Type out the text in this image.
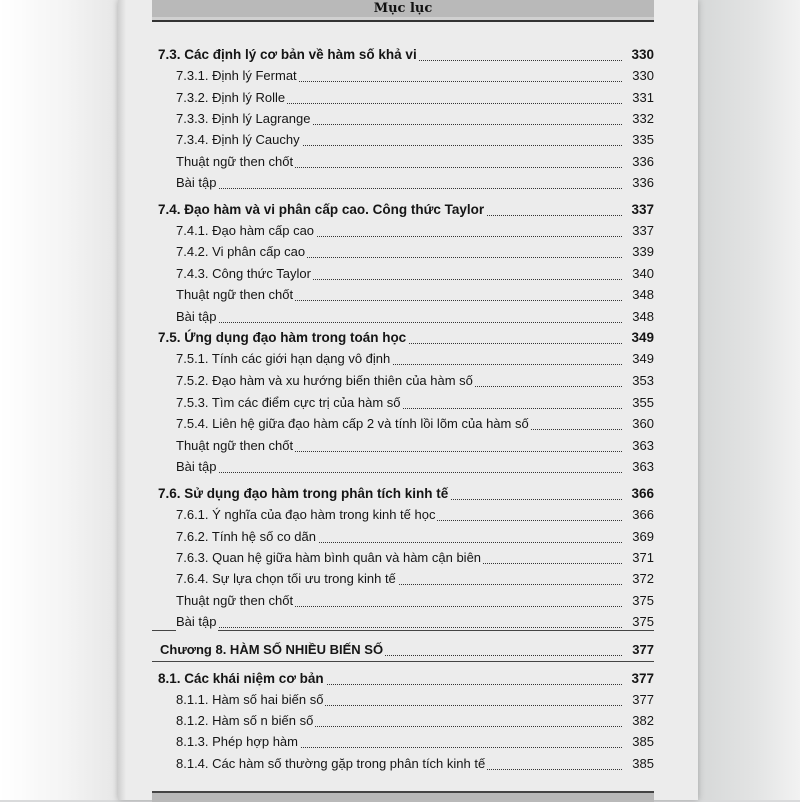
Mục lục
7.3. Các định lý cơ bản về hàm số khả vi	330
7.3.1. Định lý Fermat	330
7.3.2. Định lý Rolle	331
7.3.3. Định lý Lagrange	332
7.3.4. Định lý Cauchy	335
Thuật ngữ then chốt	336
Bài tập	336
7.4. Đạo hàm và vi phân cấp cao. Công thức Taylor	337
7.4.1. Đạo hàm cấp cao	337
7.4.2. Vi phân cấp cao	339
7.4.3. Công thức Taylor	340
Thuật ngữ then chốt	348
Bài tập	348
7.5. Ứng dụng đạo hàm trong toán học	349
7.5.1. Tính các giới hạn dạng vô định	349
7.5.2. Đạo hàm và xu hướng biến thiên của hàm số	353
7.5.3. Tìm các điểm cực trị của hàm số	355
7.5.4. Liên hệ giữa đạo hàm cấp 2 và tính lồi lõm của hàm số	360
Thuật ngữ then chốt	363
Bài tập	363
7.6. Sử dụng đạo hàm trong phân tích kinh tế	366
7.6.1. Ý nghĩa của đạo hàm trong kinh tế học	366
7.6.2. Tính hệ số co dãn	369
7.6.3. Quan hệ giữa hàm bình quân và hàm cận biên	371
7.6.4. Sự lựa chọn tối ưu trong kinh tế	372
Thuật ngữ then chốt	375
Bài tập	375
Chương 8. HÀM SỐ NHIỀU BIẾN SỐ	377
8.1. Các khái niệm cơ bản	377
8.1.1. Hàm số hai biến số	377
8.1.2. Hàm số n biến số	382
8.1.3. Phép hợp hàm	385
8.1.4. Các hàm số thường gặp trong phân tích kinh tế	385
